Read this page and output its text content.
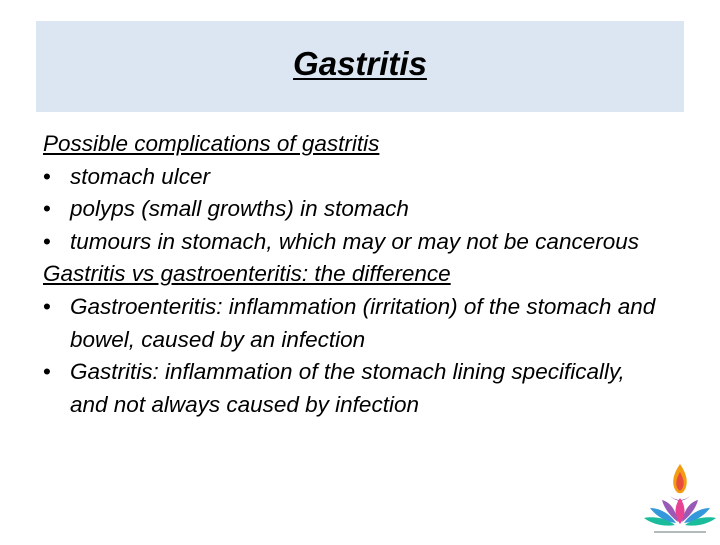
Gastritis
Possible complications of gastritis
• stomach ulcer
• polyps (small growths) in stomach
• tumours in stomach, which may or may not be cancerous
Gastritis vs gastroenteritis: the difference
• Gastroenteritis: inflammation (irritation) of the stomach and bowel, caused by an infection
• Gastritis: inflammation of the stomach lining specifically, and not always caused by infection
